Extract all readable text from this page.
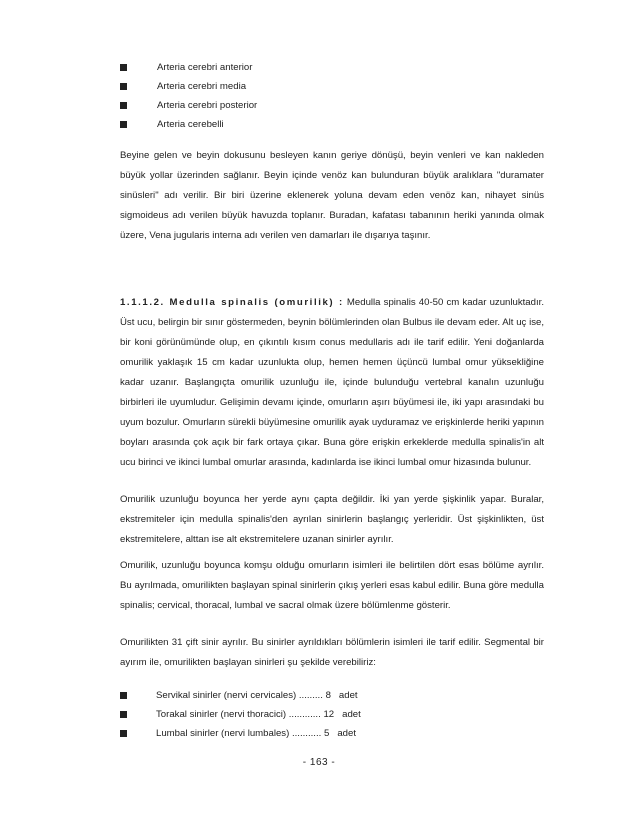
Arteria cerebri anterior
Arteria cerebri media
Arteria cerebri posterior
Arteria cerebelli

Beyine gelen ve beyin dokusunu besleyen kanın geriye dönüşü, beyin venleri ve kan nakleden büyük yollar üzerinden sağlanır. Beyin içinde venöz kan bulunduran büyük aralıklara "duramater sinüsleri" adı verilir. Bir biri üzerine eklenerek yoluna devam eden venöz kan, nihayet sinüs sigmoideus adı verilen büyük havuzda toplanır. Buradan, kafatası tabanının heriki yanında olmak üzere, Vena jugularis interna adı verilen ven damarları ile dışarıya taşınır.

1.1.1.2. Medulla spinalis (omurilik) : Medulla spinalis 40-50 cm kadar uzunluktadır. Üst ucu, belirgin bir sınır göstermeden, beynin bölümlerinden olan Bulbus ile devam eder. Alt uç ise, bir koni görünümünde olup, en çıkıntılı kısım conus medullaris adı ile tarif edilir. Yeni doğanlarda omurilik yaklaşık 15 cm kadar uzunlukta olup, hemen hemen üçüncü lumbal omur yüksekliğine kadar uzanır. Başlangıçta omurilik uzunluğu ile, içinde bulunduğu vertebral kanalın uzunluğu birbirleri ile uyumludur. Gelişimin devamı içinde, omurların aşırı büyümesi ile, iki yapı arasındaki bu uyum bozulur. Omurların sürekli büyümesine omurilik ayak uyduramaz ve erişkinlerde heriki yapının boyları arasında çok açık bir fark ortaya çıkar. Buna göre erişkin erkeklerde medulla spinalis'in alt ucu birinci ve ikinci lumbal omurlar arasında, kadınlarda ise ikinci lumbal omur hizasında bulunur.

Omurilik uzunluğu boyunca her yerde aynı çapta değildir. İki yan yerde şişkinlik yapar. Buralar, ekstremiteler için medulla spinalis'den ayrılan sinirlerin başlangıç yerleridir. Üst şişkinlikten, üst ekstremitelere, alttan ise alt ekstremitelere uzanan sinirler ayrılır.

Omurilik, uzunluğu boyunca komşu olduğu omurların isimleri ile belirtilen dört esas bölüme ayrılır. Bu ayrılmada, omurilikten başlayan spinal sinirlerin çıkış yerleri esas kabul edilir. Buna göre medulla spinalis; cervical, thoracal, lumbal ve sacral olmak üzere bölümlenme gösterir.

Omurilikten 31 çift sinir ayrılır. Bu sinirler ayrıldıkları bölümlerin isimleri ile tarif edilir. Segmental bir ayırım ile, omurilikten başlayan sinirleri şu şekilde verebiliriz:

Servikal sinirler (nervi cervicales) ......... 8 adet
Torakal sinirler (nervi thoracici) ............ 12 adet
Lumbal sinirler (nervi lumbales) ........... 5 adet
- 163 -
